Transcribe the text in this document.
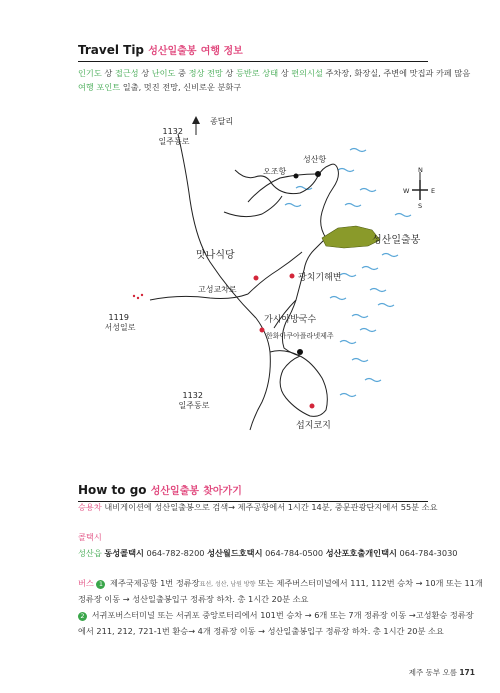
Travel Tip 성산일출봉 여행 정보
인기도 상 접근성 상 난이도 중 정상 전망 상 등반로 상태 상 편의시설 주차장, 화장실, 주변에 맛집과 카페 많음
여행 포인트 일출, 멋진 전망, 신비로운 분화구
1132 일주동로
종달리
오조항
성산항
N
W	E
S
성산일출봉
맛나식당
광치기해변
고성교차로
1119 서성일로
가시아방국수
한화아쿠아플라넷제주
1132 일주동로
섭지코지
How to go 성산일출봉 찾아가기
승용차 내비게이션에 성산일출봉으로 검색→ 제주공항에서 1시간 14분, 중문관광단지에서 55분 소요
콜택시
성산읍 동성콜택시 064-782-8200 성산월드호택시 064-784-0500 성산포호출개인택시 064-784-3030
버스 1 제주국제공항 1번 정류장표선, 성산, 남원 방향 또는 제주버스터미널에서 111, 112번 승차 → 10개 또는 11개
정류장 이동 → 성산일출봉입구 정류장 하차. 총 1시간 20분 소요
2 서귀포버스터미널 또는 서귀포 중앙로터리에서 101번 승차 → 6개 또는 7개 정류장 이동 →고성환승 정류장
에서 211, 212, 721-1번 환승→ 4개 정류장 이동 → 성산일출봉입구 정류장 하차. 총 1시간 20분 소요
제주 동부 오름 171
